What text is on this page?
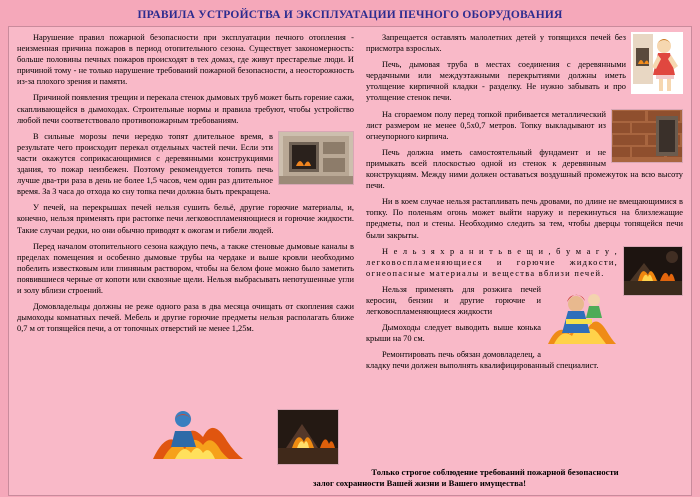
ПРАВИЛА УСТРОЙСТВА И ЭКСПЛУАТАЦИИ ПЕЧНОГО ОБОРУДОВАНИЯ

Нарушение правил пожарной безопасности при эксплуатации печного отопления - неизменная причина пожаров в период отопительного сезона. Существует закономерность: больше половины печных пожаров происходят в тех домах, где живут престарелые люди. И причиной тому - не только нарушение требований пожарной безопасности, а неосторожность из-за плохого зрения и памяти.

Причиной появления трещин и перекала стенок дымовых труб может быть горение сажи, скапливающейся в дымоходах. Строительные нормы и правила требуют, чтобы устройство любой печи соответствовало противопожарным требованиям.

В сильные морозы печи нередко топят длительное время, в результате чего происходит перекал отдельных частей печи. Если эти части окажутся соприкасающимися с деревянными конструкциями здания, то пожар неизбежен. Поэтому рекомендуется топить печь лучше два-три раза в день не более 1,5 часов, чем один раз длительное время. За 3 часа до отхода ко сну топка печи должна быть прекращена.

У печей, на перекрышах печей нельзя сушить бельё, другие горючие материалы, и, конечно, нельзя применять при растопке печи легковоспламеняющиеся и горючие жидкости. Такие случаи редки, но они обычно приводят к ожогам и гибели людей.

Перед началом отопительного сезона каждую печь, а также стеновые дымовые каналы в пределах помещения и особенно дымовые трубы на чердаке и выше кровли необходимо побелить известковым или глиняным раствором, чтобы на белом фоне можно было заметить появившиеся черные от копоти или сквозные щели. Нельзя выбрасывать непотушенные угли и золу вблизи строений.

Домовладельцы должны не реже одного раза в два месяца очищать от скопления сажи дымоходы комнатных печей. Мебель и другие горючие предметы нельзя располагать ближе 0,7 м от топящейся печи, а от топочных отверстий не менее 1,25м.

Запрещается оставлять малолетних детей у топящихся печей без присмотра взрослых.

Печь, дымовая труба в местах соединения с деревянными чердачными или междуэтажными перекрытиями должны иметь утолщение кирпичной кладки - разделку. Не нужно забывать и про утолщение стенок печи.

На сгораемом полу перед топкой прибивается металлический лист размером не менее 0,5х0,7 метров. Топку выкладывают из огнеупорного кирпича.

Печь должна иметь самостоятельный фундамент и не примыкать всей плоскостью одной из стенок к деревянным конструкциям. Между ними должен оставаться воздушный промежуток на всю высоту печи.

Ни в коем случае нельзя растапливать печь дровами, по длине не вмещающимися в топку. По поленьям огонь может выйти наружу и перекинуться на близлежащие предметы, пол и стены. Необходимо следить за тем, чтобы дверцы топящейся печи были закрыты.

Н е л ь з я х р а н и т ь в е щ и , б у м а г у , легковоспламеняющиеся и горючие жидкости, огнеопасные материалы и вещества вблизи печей.

Нельзя применять для розжига печей керосин, бензин и другие горючие и легковоспламеняющиеся жидкости

Дымоходы следует выводить выше конька крыши на 70 см.

Ремонтировать печь обязан домовладелец, а кладку печи должен выполнять квалифицированный специалист.

Только строгое соблюдение требований пожарной безопасности
залог сохранности Вашей жизни и Вашего имущества!
